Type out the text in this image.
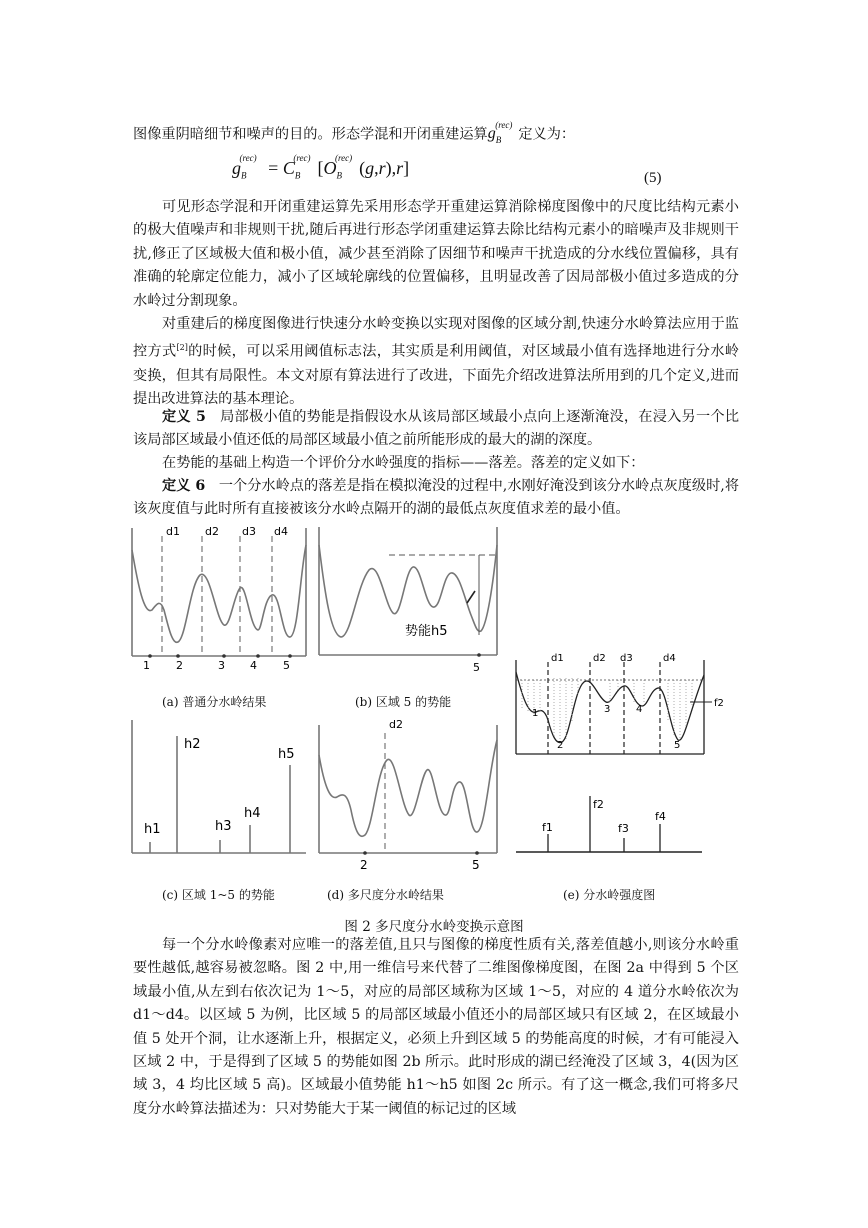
图像重阴暗细节和噪声的目的。形态学混和开闭重建运算$g_B^{(rec)}$定义为：

$g_B^{(rec)} = C_B^{(rec)}$ [$O_B^{(rec)}$ (g,r),r]	(5)

可见形态学混和开闭重建运算先采用形态学开重建运算消除梯度图像中的尺度比结构元素小的极大值噪声和非规则干扰,随后再进行形态学闭重建运算去除比结构元素小的暗噪声及非规则干扰,修正了区域极大值和极小值，减少甚至消除了因细节和噪声干扰造成的分水线位置偏移，具有准确的轮廓定位能力，减小了区域轮廓线的位置偏移，且明显改善了因局部极小值过多造成的分水岭过分割现象。

对重建后的梯度图像进行快速分水岭变换以实现对图像的区域分割,快速分水岭算法应用于监控方式[2]的时候，可以采用阈值标志法，其实质是利用阈值，对区域最小值有选择地进行分水岭变换，但其有局限性。本文对原有算法进行了改进，下面先介绍改进算法所用到的几个定义,进而提出改进算法的基本理论。

定义 5 局部极小值的势能是指假设水从该局部区域最小点向上逐渐淹没，在浸入另一个比该局部区域最小值还低的局部区域最小值之前所能形成的最大的湖的深度。

在势能的基础上构造一个评价分水岭强度的指标——落差。落差的定义如下：

定义 6 一个分水岭点的落差是指在模拟淹没的过程中,水刚好淹没到该分水岭点灰度级时,将该灰度值与此时所有直接被该分水岭点隔开的湖的最低点灰度值求差的最小值。

d1 d2 d3 d4
1 2	3 4 5
(a) 普通分水岭结果
势能h5
5
(b) 区域 5 的势能
h1
h2
h3
h4
h5
(c) 区域 1~5 的势能
d2
2	5
(d) 多尺度分水岭结果
d1	d2 d3	d4
1
2
3	4
5
f2
f1
f2
f3
f4
(e) 分水岭强度图
图 2 多尺度分水岭变换示意图

每一个分水岭像素对应唯一的落差值,且只与图像的梯度性质有关,落差值越小,则该分水岭重要性越低,越容易被忽略。图 2 中,用一维信号来代替了二维图像梯度图，在图 2a 中得到 5 个区域最小值,从左到右依次记为 1～5，对应的局部区域称为区域 1～5，对应的 4 道分水岭依次为 d1～d4。以区域 5 为例，比区域 5 的局部区域最小值还小的局部区域只有区域 2，在区域最小值 5 处开个洞，让水逐渐上升，根据定义，必须上升到区域 5 的势能高度的时候，才有可能浸入区域 2 中，于是得到了区域 5 的势能如图 2b 所示。此时形成的湖已经淹没了区域 3，4(因为区域 3，4 均比区域 5 高)。区域最小值势能 h1～h5 如图 2c 所示。有了这一概念,我们可将多尺度分水岭算法描述为：只对势能大于某一阈值的标记过的区域
